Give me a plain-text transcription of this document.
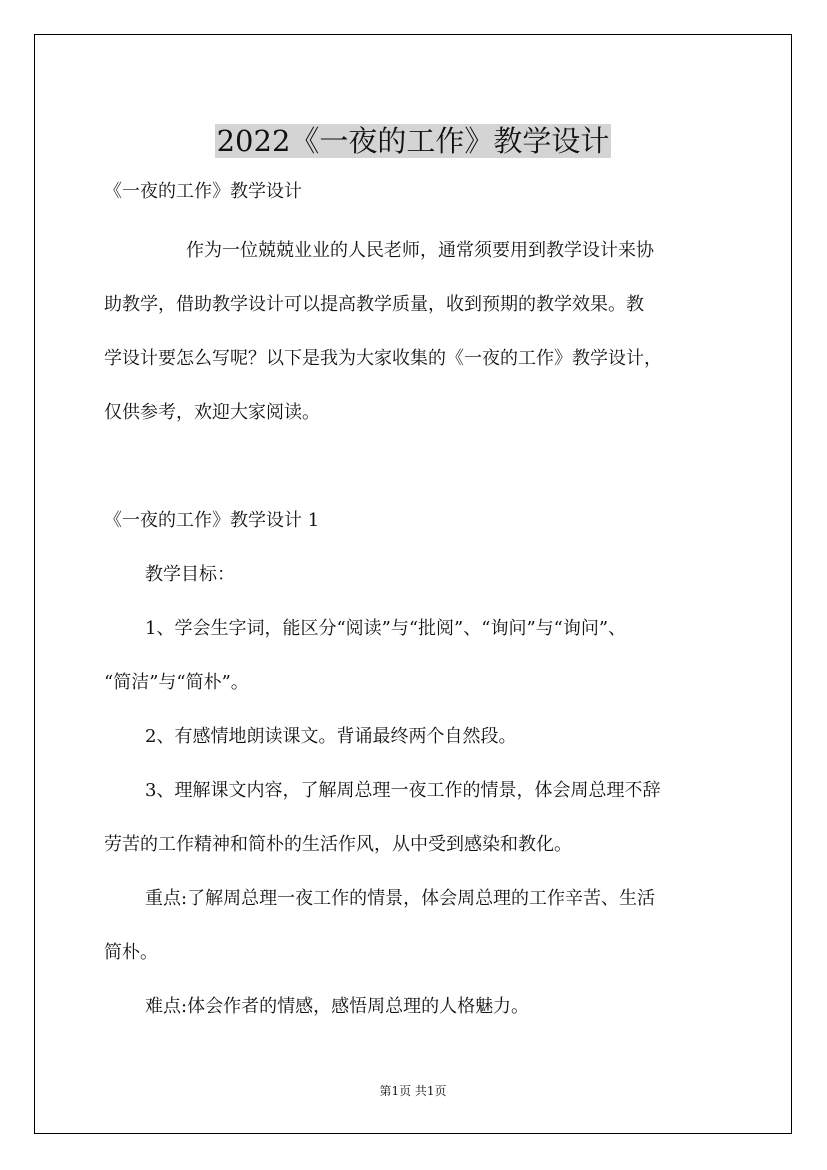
2022《一夜的工作》教学设计
《一夜的工作》教学设计
作为一位兢兢业业的人民老师，通常须要用到教学设计来协
助教学，借助教学设计可以提高教学质量，收到预期的教学效果。教
学设计要怎么写呢？以下是我为大家收集的《一夜的工作》教学设计，
仅供参考，欢迎大家阅读。
《一夜的工作》教学设计 1
教学目标：
1、学会生字词，能区分“阅读”与“批阅”、“询问”与“询问”、
“简洁”与“简朴”。
2、有感情地朗读课文。背诵最终两个自然段。
3、理解课文内容，了解周总理一夜工作的情景，体会周总理不辞
劳苦的工作精神和简朴的生活作风，从中受到感染和教化。
重点:了解周总理一夜工作的情景，体会周总理的工作辛苦、生活
简朴。
难点:体会作者的情感，感悟周总理的人格魅力。
第1页 共1页
